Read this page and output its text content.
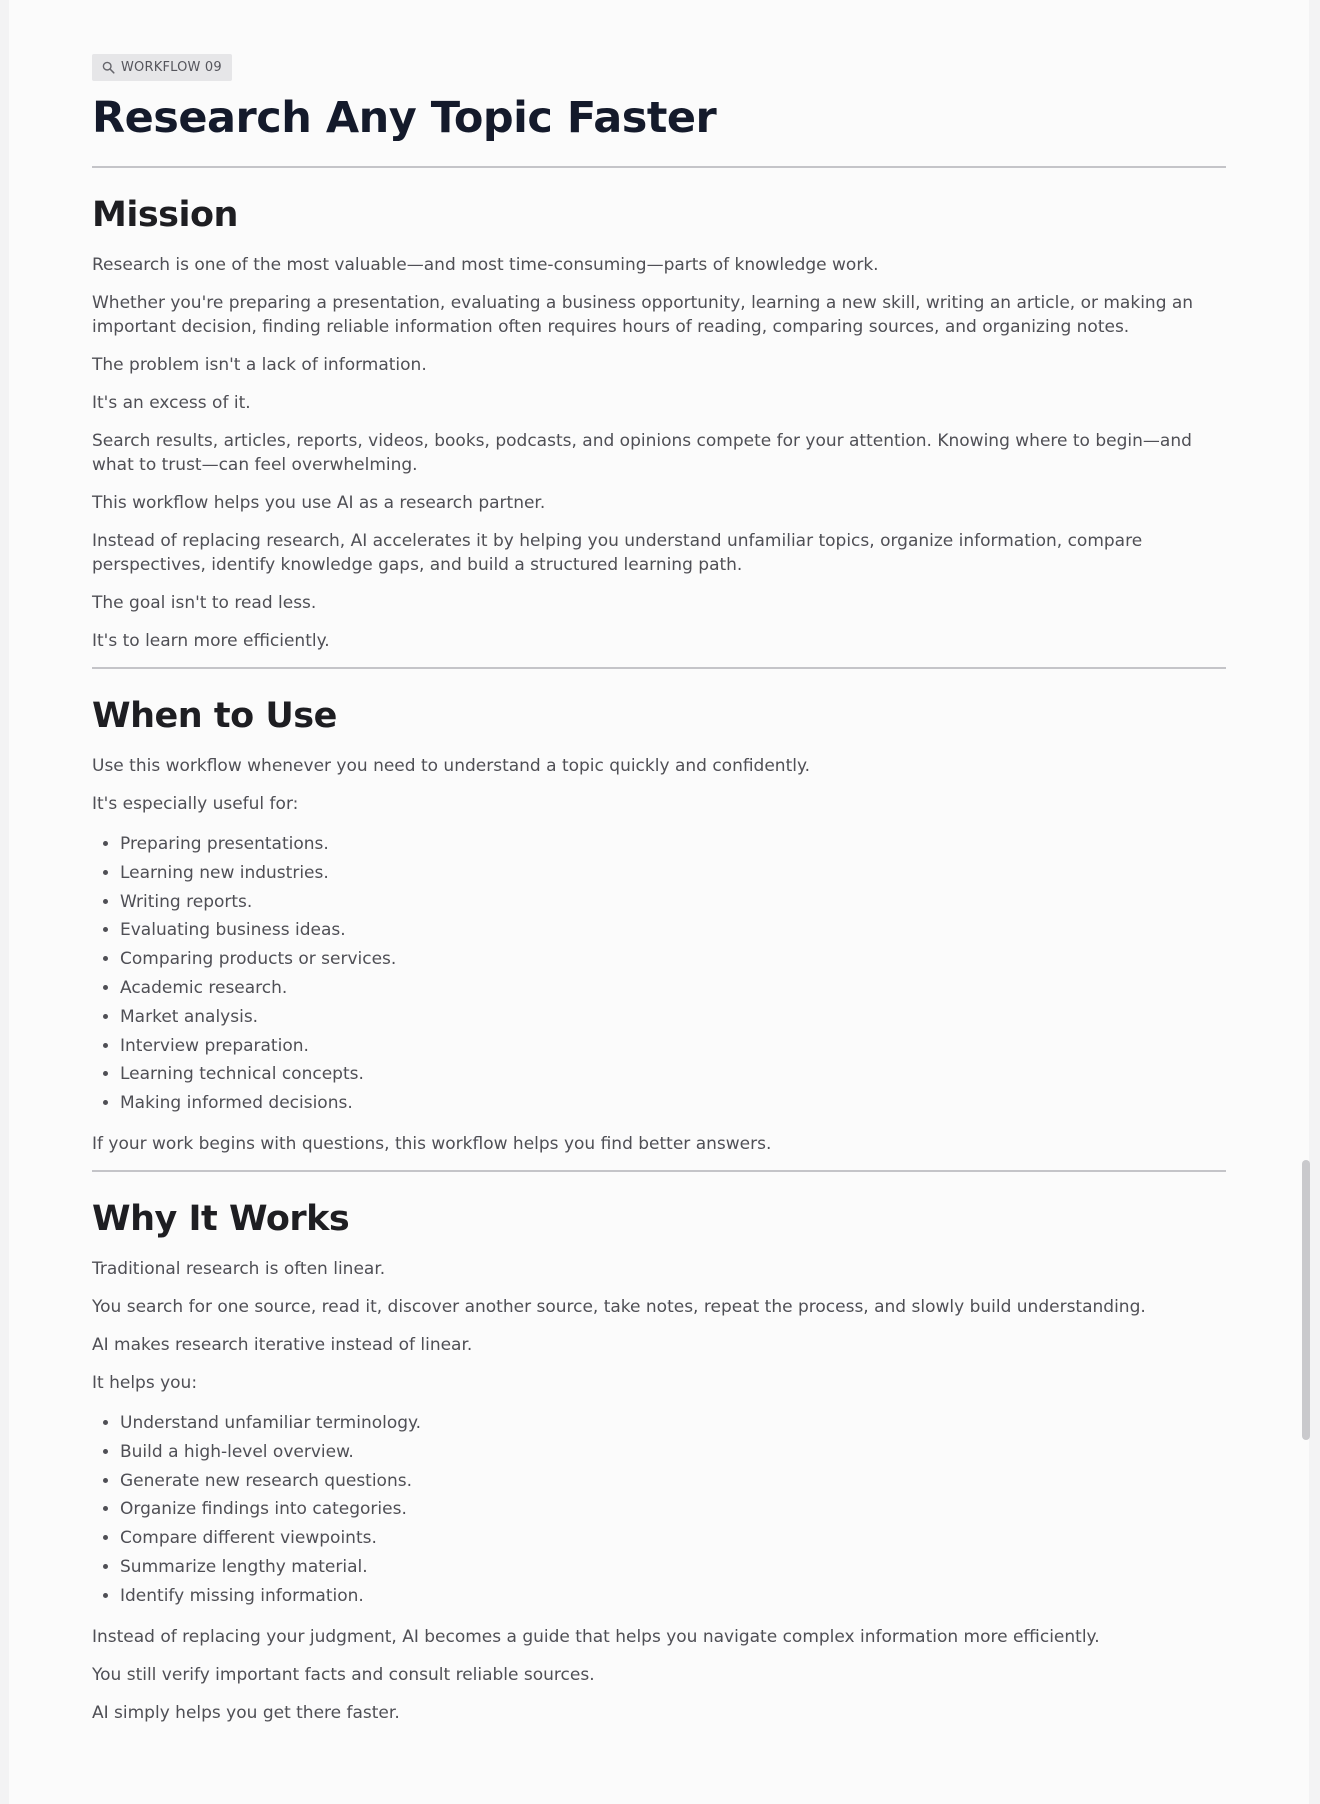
WORKFLOW 09
Research Any Topic Faster
Mission

Research is one of the most valuable—and most time-consuming—parts of knowledge work.

Whether you're preparing a presentation, evaluating a business opportunity, learning a new skill, writing an article, or making an important decision, finding reliable information often requires hours of reading, comparing sources, and organizing notes.

The problem isn't a lack of information.

It's an excess of it.

Search results, articles, reports, videos, books, podcasts, and opinions compete for your attention. Knowing where to begin—and what to trust—can feel overwhelming.

This workflow helps you use AI as a research partner.

Instead of replacing research, AI accelerates it by helping you understand unfamiliar topics, organize information, compare perspectives, identify knowledge gaps, and build a structured learning path.

The goal isn't to read less.

It's to learn more efficiently.

When to Use

Use this workflow whenever you need to understand a topic quickly and confidently.

It's especially useful for:

• Preparing presentations.
• Learning new industries.
• Writing reports.
• Evaluating business ideas.
• Comparing products or services.
• Academic research.
• Market analysis.
• Interview preparation.
• Learning technical concepts.
• Making informed decisions.

If your work begins with questions, this workflow helps you find better answers.

Why It Works

Traditional research is often linear.

You search for one source, read it, discover another source, take notes, repeat the process, and slowly build understanding.

AI makes research iterative instead of linear.

It helps you:

• Understand unfamiliar terminology.
• Build a high-level overview.
• Generate new research questions.
• Organize findings into categories.
• Compare different viewpoints.
• Summarize lengthy material.
• Identify missing information.

Instead of replacing your judgment, AI becomes a guide that helps you navigate complex information more efficiently.

You still verify important facts and consult reliable sources.

AI simply helps you get there faster.
